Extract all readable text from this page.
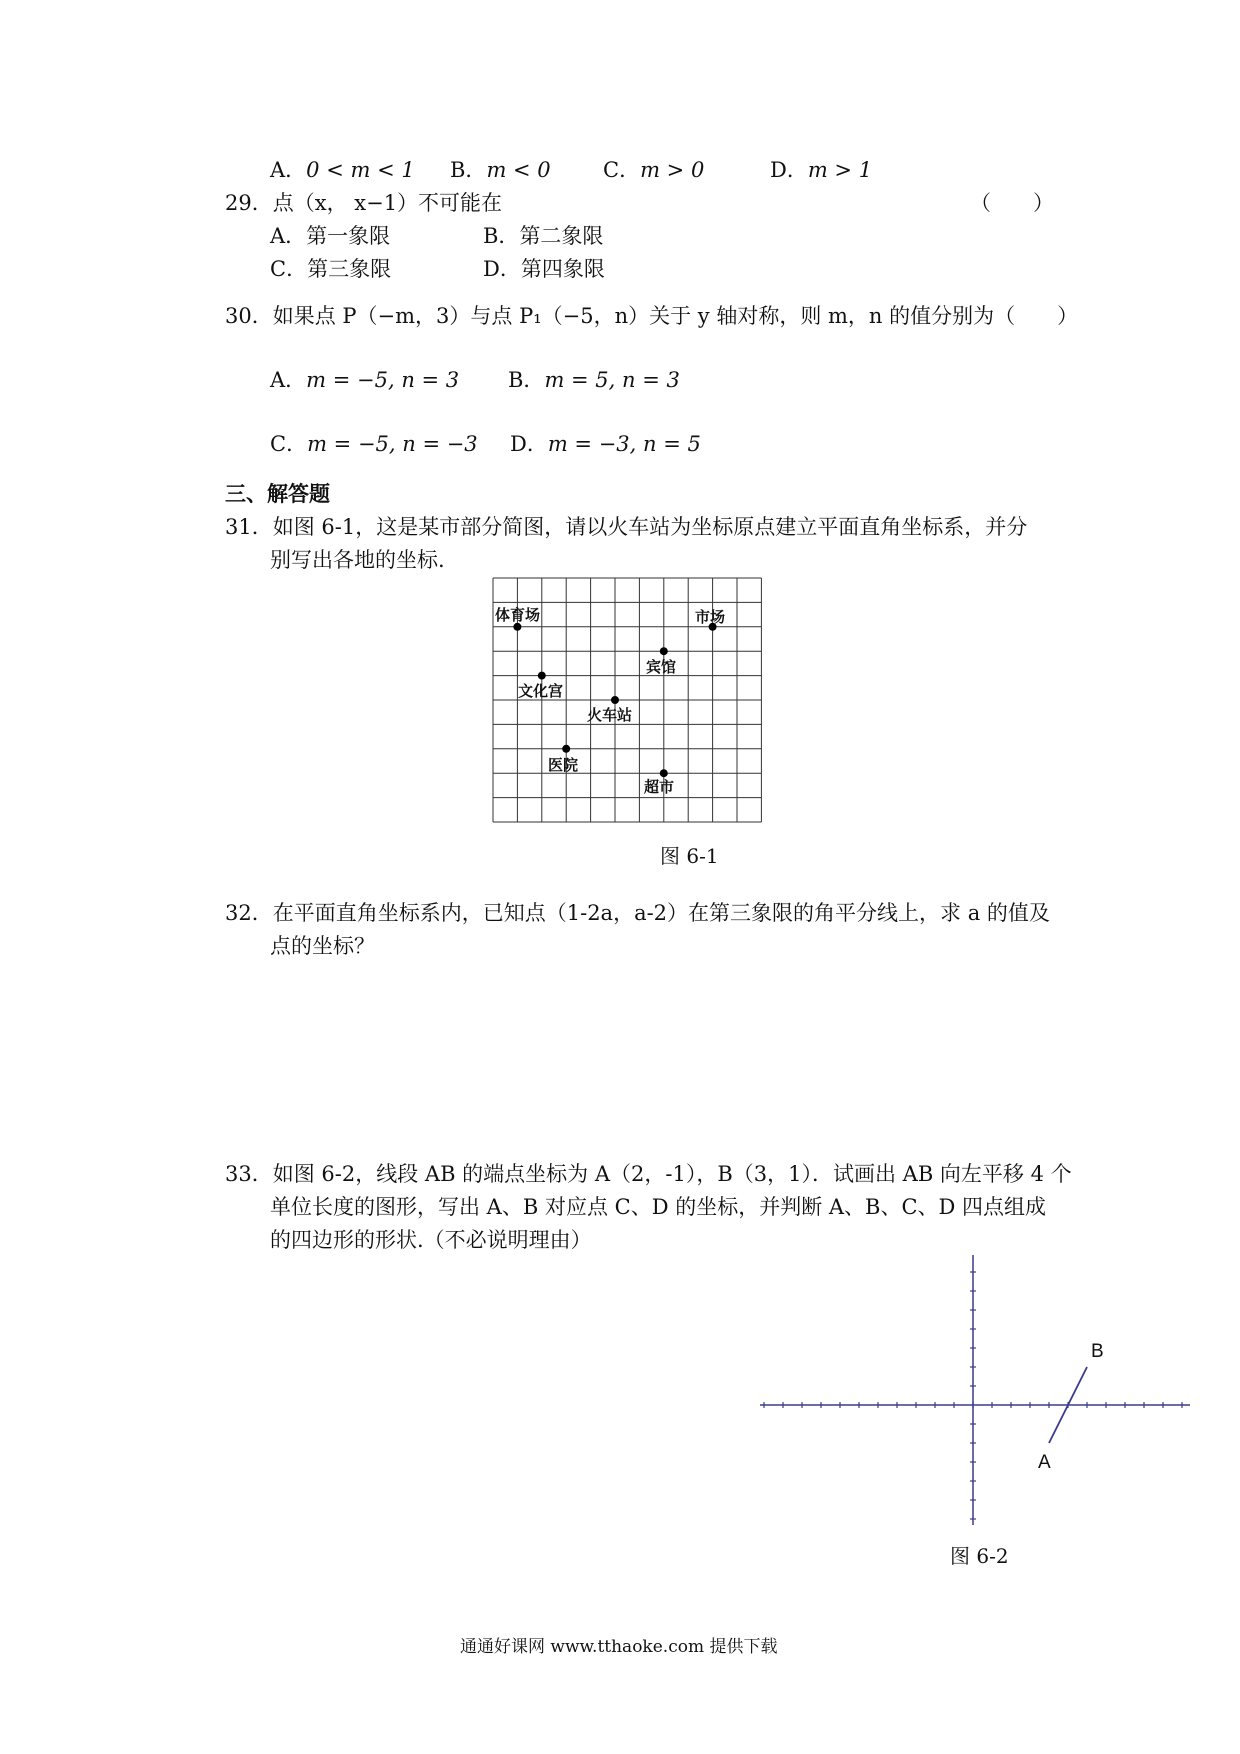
A．0 < m < 1 B．m < 0 C．m > 0	D．m > 1
29．点（x， x−1）不可能在	（　　）
A．第一象限	B．第二象限
C．第三象限	D．第四象限
30．如果点 P（−m，3）与点 P₁（−5，n）关于 y 轴对称，则 m，n 的值分别为（　　）
A．m = −5, n = 3 B．m = 5, n = 3
C．m = −5, n = −3 D．m = −3, n = 5
三、解答题
31．如图 6-1，这是某市部分简图，请以火车站为坐标原点建立平面直角坐标系，并分
别写出各地的坐标.
体育场	市场
宾馆
文化宫
火车站
医院
超市
图 6-1
32．在平面直角坐标系内，已知点（1-2a，a-2）在第三象限的角平分线上，求 a 的值及
点的坐标？
33．如图 6-2，线段 AB 的端点坐标为 A（2，-1），B（3，1）．试画出 AB 向左平移 4 个
单位长度的图形，写出 A、B 对应点 C、D 的坐标，并判断 A、B、C、D 四点组成
的四边形的形状.（不必说明理由）
B
A
图 6-2
通通好课网 www.tthaoke.com 提供下载
